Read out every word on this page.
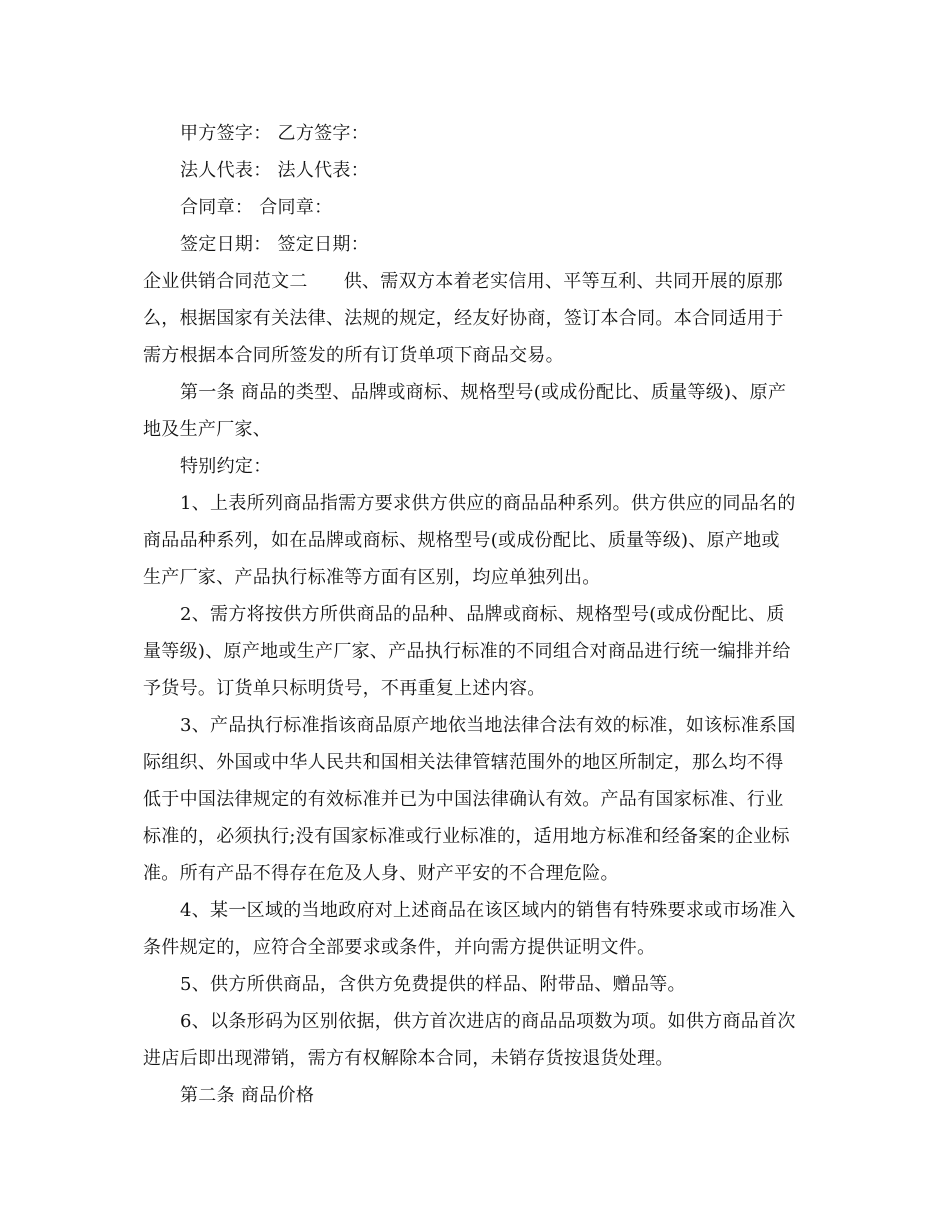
甲方签字： 乙方签字：

法人代表： 法人代表：

合同章： 合同章：

签定日期： 签定日期：

企业供销合同范文二 供、需双方本着老实信用、平等互利、共同开展的原那

么，根据国家有关法律、法规的规定，经友好协商，签订本合同。本合同适用于

需方根据本合同所签发的所有订货单项下商品交易。

第一条 商品的类型、品牌或商标、规格型号(或成份配比、质量等级)、原产

地及生产厂家、

特别约定：

1、上表所列商品指需方要求供方供应的商品品种系列。供方供应的同品名的

商品品种系列，如在品牌或商标、规格型号(或成份配比、质量等级)、原产地或

生产厂家、产品执行标准等方面有区别，均应单独列出。

2、需方将按供方所供商品的品种、品牌或商标、规格型号(或成份配比、质

量等级)、原产地或生产厂家、产品执行标准的不同组合对商品进行统一编排并给

予货号。订货单只标明货号，不再重复上述内容。

3、产品执行标准指该商品原产地依当地法律合法有效的标准，如该标准系国

际组织、外国或中华人民共和国相关法律管辖范围外的地区所制定，那么均不得

低于中国法律规定的有效标准并已为中国法律确认有效。产品有国家标准、行业

标准的，必须执行;没有国家标准或行业标准的，适用地方标准和经备案的企业标

准。所有产品不得存在危及人身、财产平安的不合理危险。

4、某一区域的当地政府对上述商品在该区域内的销售有特殊要求或市场准入

条件规定的，应符合全部要求或条件，并向需方提供证明文件。

5、供方所供商品，含供方免费提供的样品、附带品、赠品等。

6、以条形码为区别依据，供方首次进店的商品品项数为项。如供方商品首次

进店后即出现滞销，需方有权解除本合同，未销存货按退货处理。

第二条 商品价格
